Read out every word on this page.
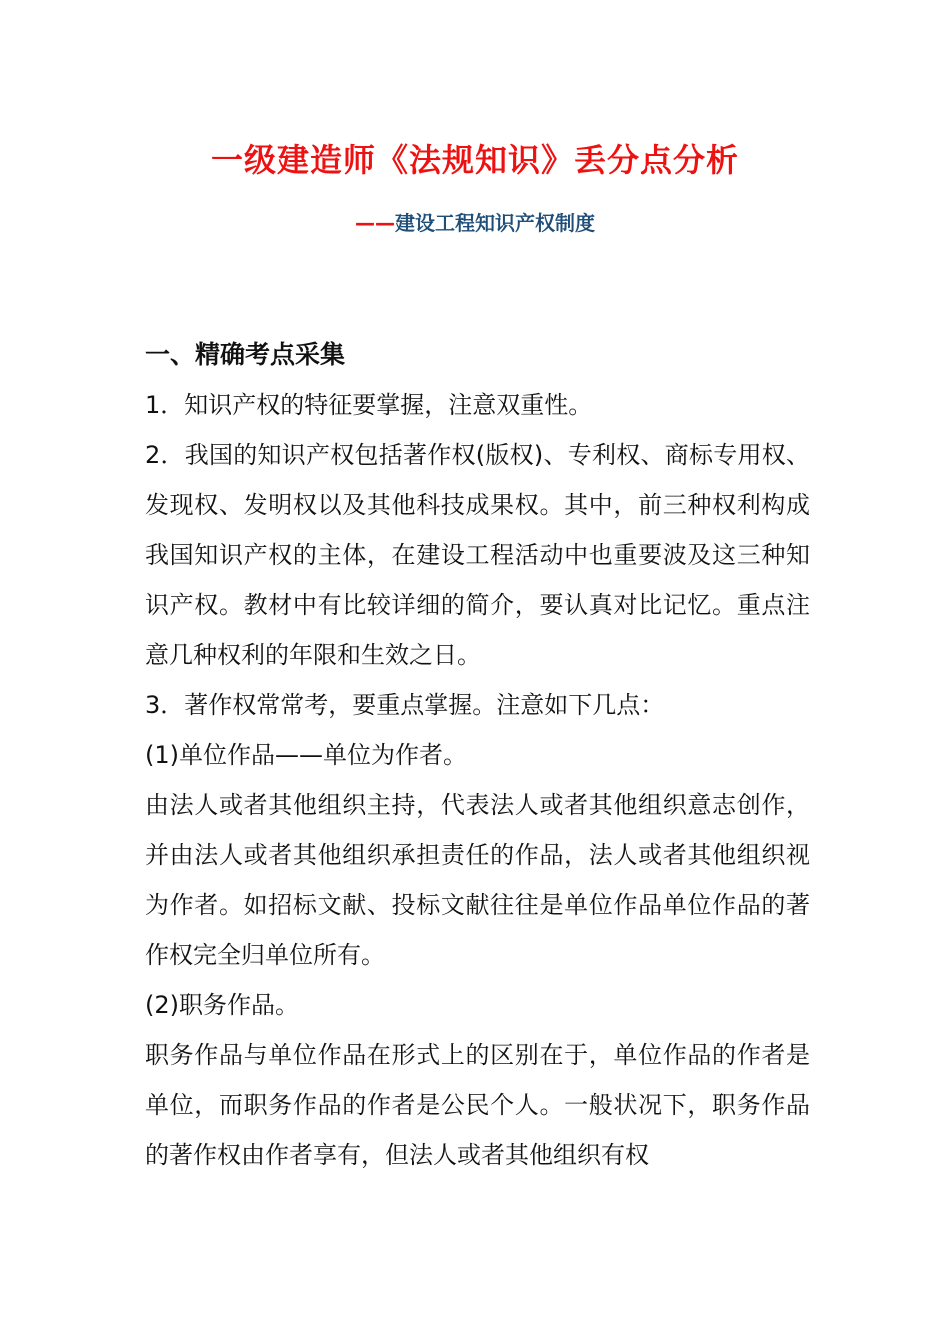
一级建造师《法规知识》丢分点分析
——建设工程知识产权制度

一、精确考点采集

1．知识产权的特征要掌握，注意双重性。

2．我国的知识产权包括著作权(版权)、专利权、商标专用权、发现权、发明权以及其他科技成果权。其中，前三种权利构成我国知识产权的主体，在建设工程活动中也重要波及这三种知识产权。教材中有比较详细的简介，要认真对比记忆。重点注意几种权利的年限和生效之日。

3．著作权常常考，要重点掌握。注意如下几点：

(1)单位作品——单位为作者。

由法人或者其他组织主持，代表法人或者其他组织意志创作，并由法人或者其他组织承担责任的作品，法人或者其他组织视为作者。如招标文献、投标文献往往是单位作品单位作品的著作权完全归单位所有。

(2)职务作品。

职务作品与单位作品在形式上的区别在于，单位作品的作者是单位，而职务作品的作者是公民个人。一般状况下，职务作品的著作权由作者享有，但法人或者其他组织有权
